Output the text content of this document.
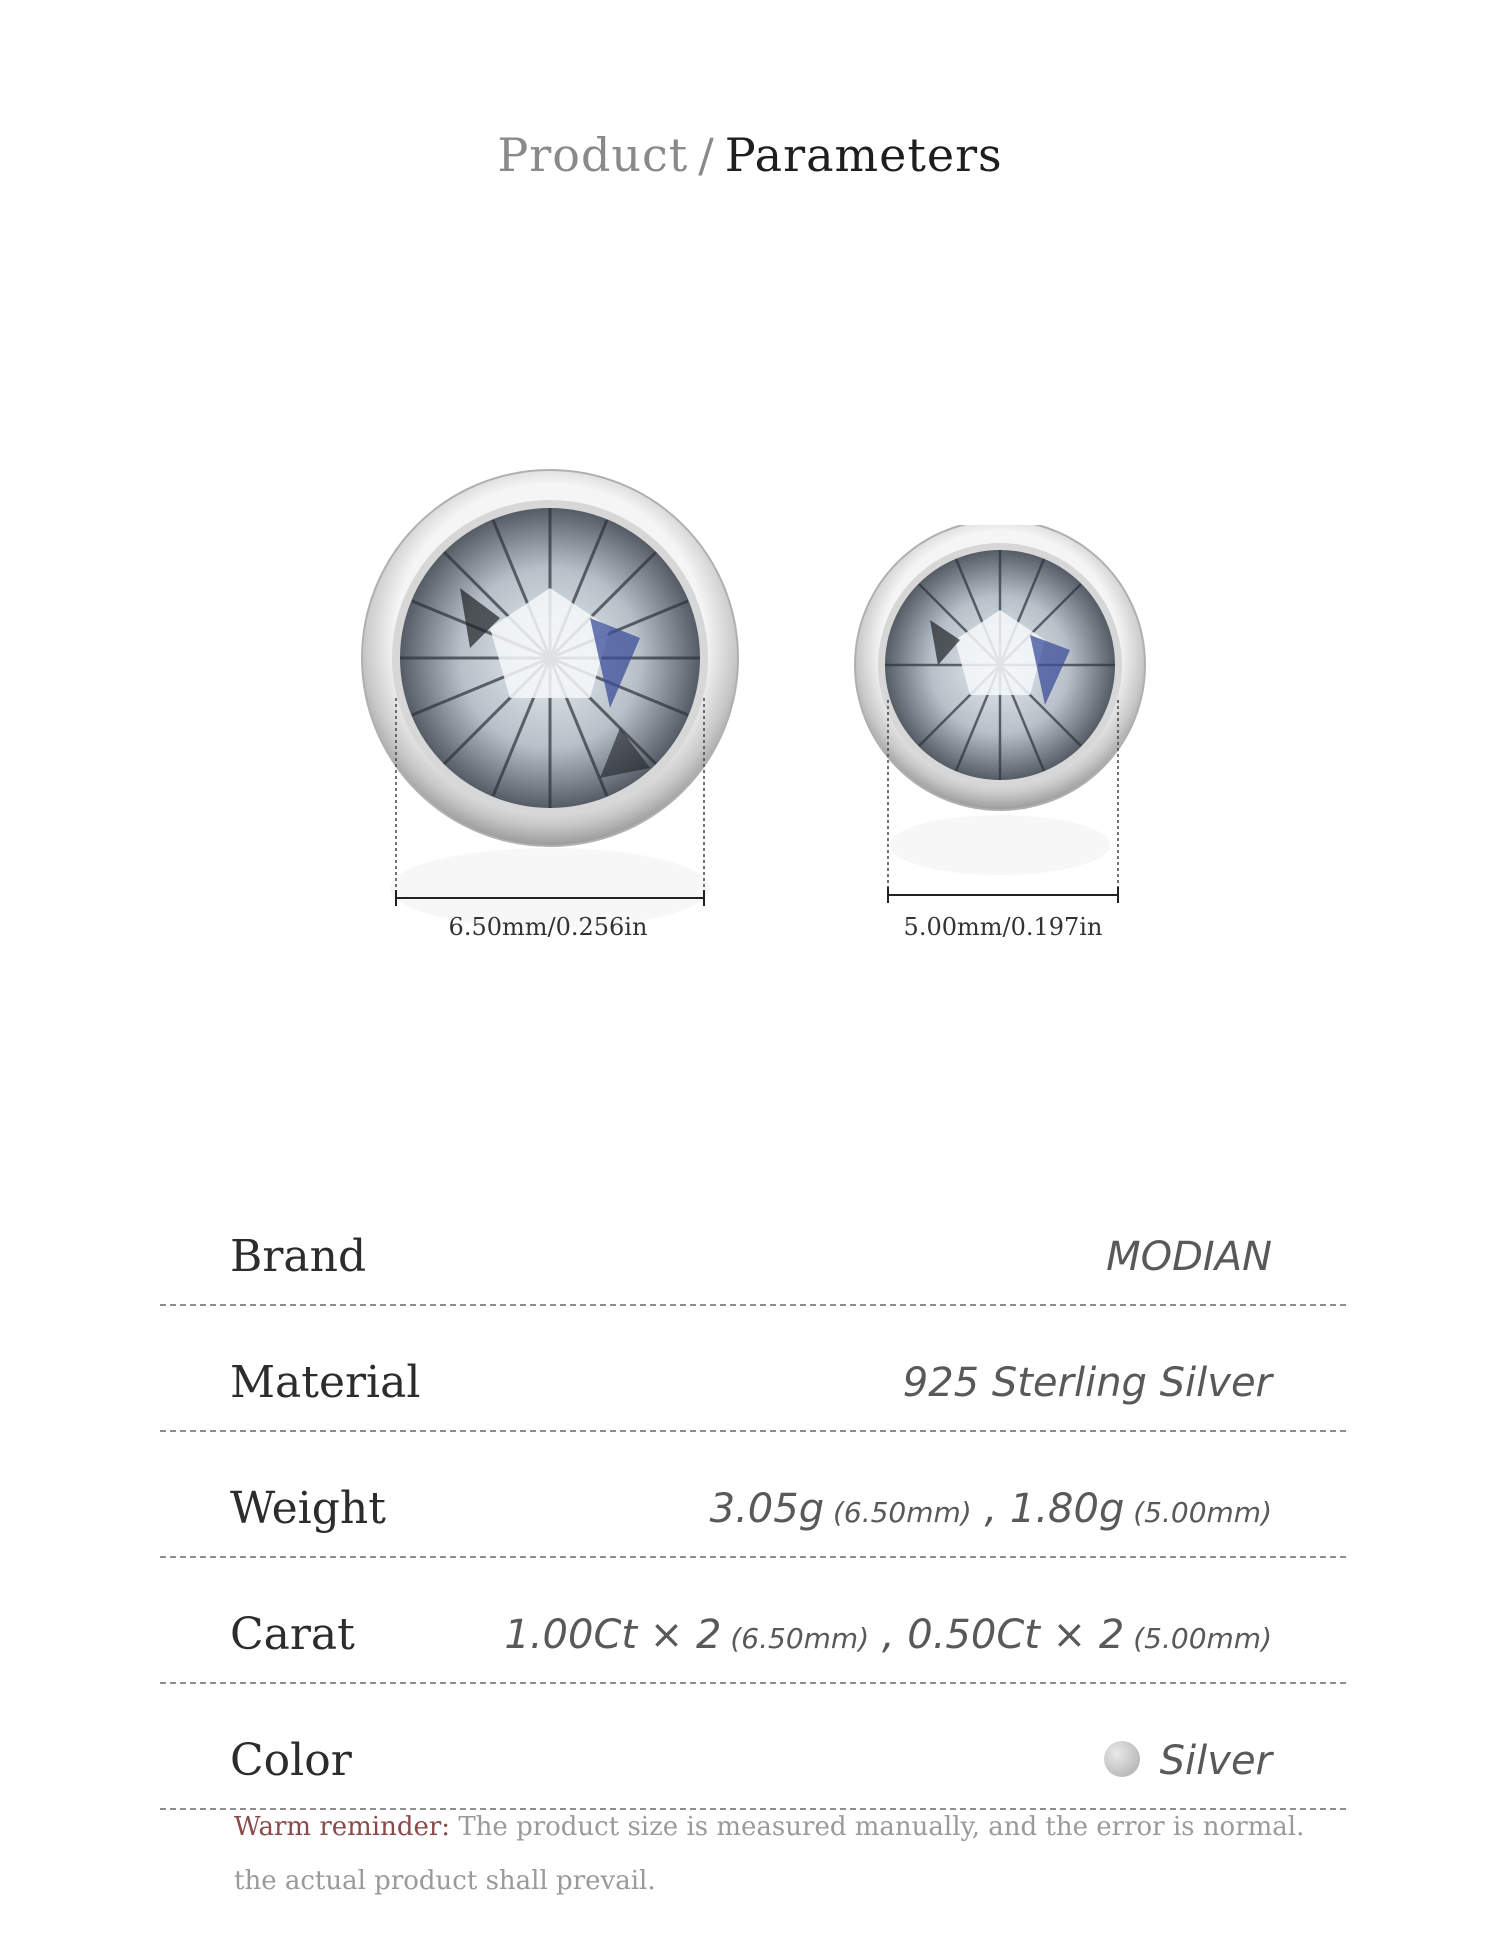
Product / Parameters
6.50mm/0.256in	5.00mm/0.197in
Brand	MODIAN
Material	925 Sterling Silver
Weight	3.05g (6.50mm) , 1.80g (5.00mm)
Carat	1.00Ct × 2 (6.50mm) , 0.50Ct × 2 (5.00mm)
Color	Silver
Warm reminder: The product size is measured manually, and the error is normal.
the actual product shall prevail.
